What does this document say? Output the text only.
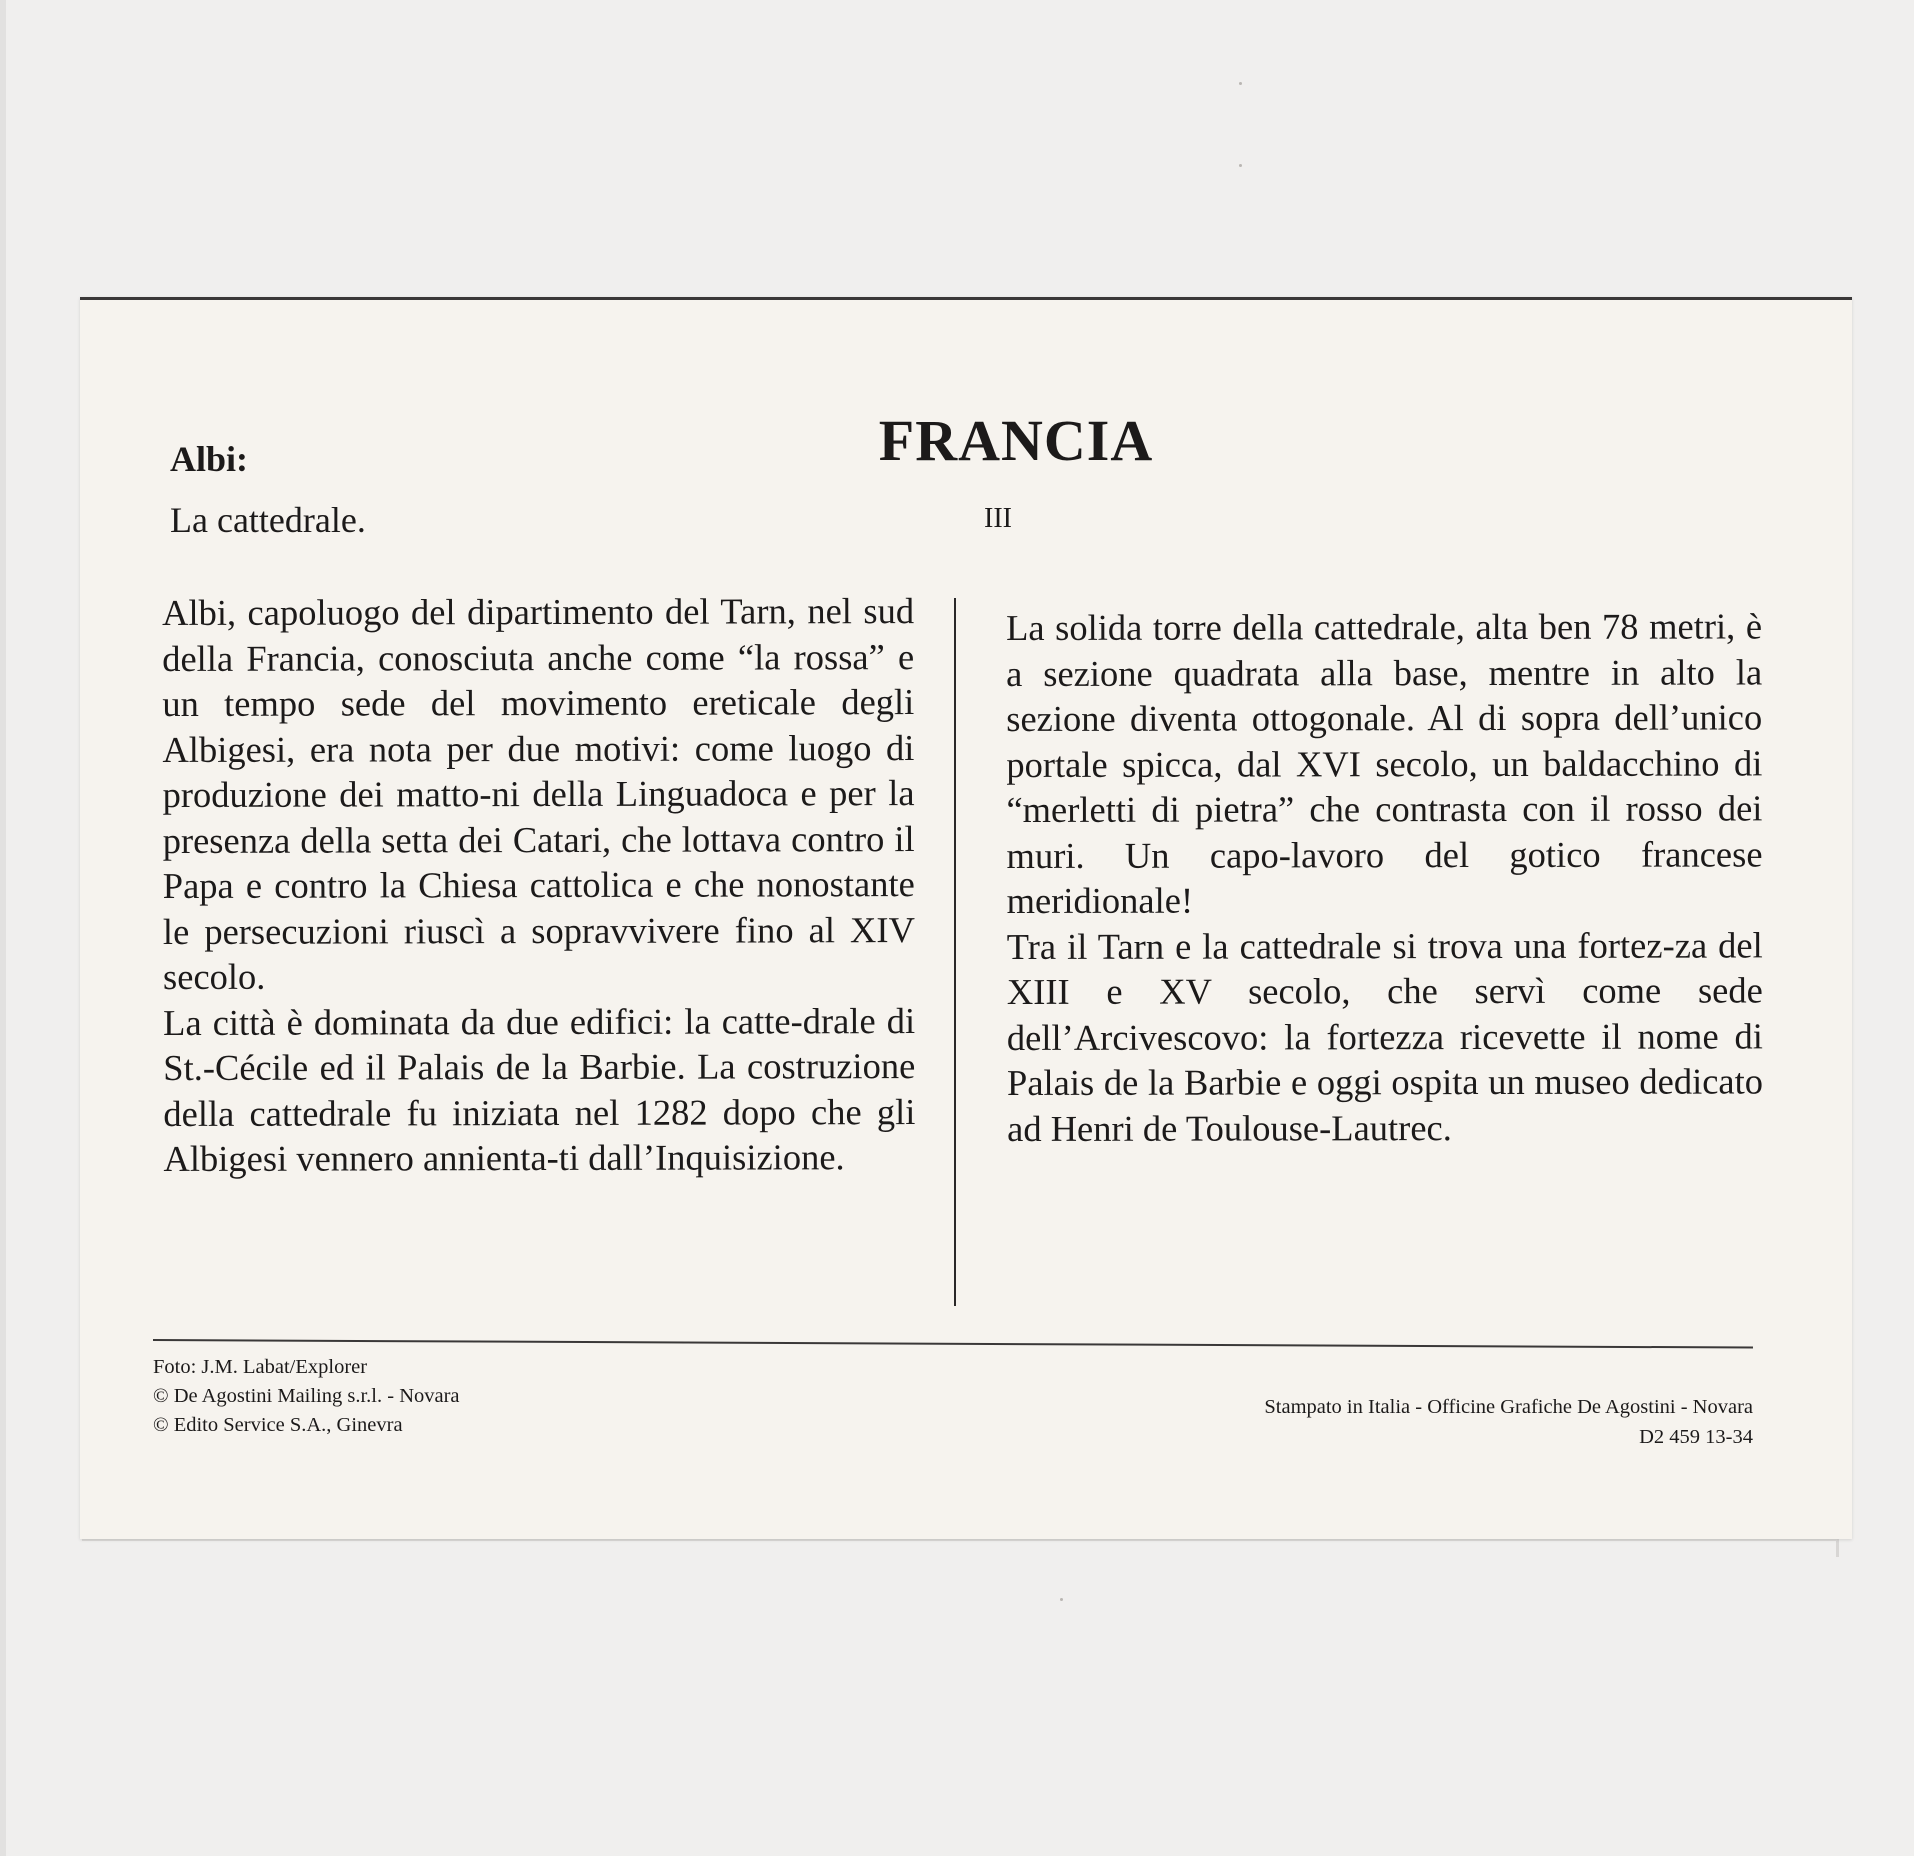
FRANCIA
Albi:
La cattedrale.	III

Albi, capoluogo del dipartimento del Tarn, nel sud della Francia, conosciuta anche come “la rossa” e un tempo sede del movimento ereticale degli Albigesi, era nota per due motivi: come luogo di produzione dei matto-ni della Linguadoca e per la presenza della setta dei Catari, che lottava contro il Papa e contro la Chiesa cattolica e che nonostante le persecuzioni riuscì a sopravvivere fino al XIV secolo.

La città è dominata da due edifici: la catte-drale di St.-Cécile ed il Palais de la Barbie. La costruzione della cattedrale fu iniziata nel 1282 dopo che gli Albigesi vennero annienta-ti dall’Inquisizione.

La solida torre della cattedrale, alta ben 78 metri, è a sezione quadrata alla base, mentre in alto la sezione diventa ottogonale. Al di sopra dell’unico portale spicca, dal XVI secolo, un baldacchino di “merletti di pietra” che contrasta con il rosso dei muri. Un capo-lavoro del gotico francese meridionale!

Tra il Tarn e la cattedrale si trova una fortez-za del XIII e XV secolo, che servì come sede dell’Arcivescovo: la fortezza ricevette il nome di Palais de la Barbie e oggi ospita un museo dedicato ad Henri de Toulouse-Lautrec.

Foto: J.M. Labat/Explorer
© De Agostini Mailing s.r.l. - Novara
© Edito Service S.A., Ginevra
Stampato in Italia - Officine Grafiche De Agostini - Novara
D2 459 13-34
